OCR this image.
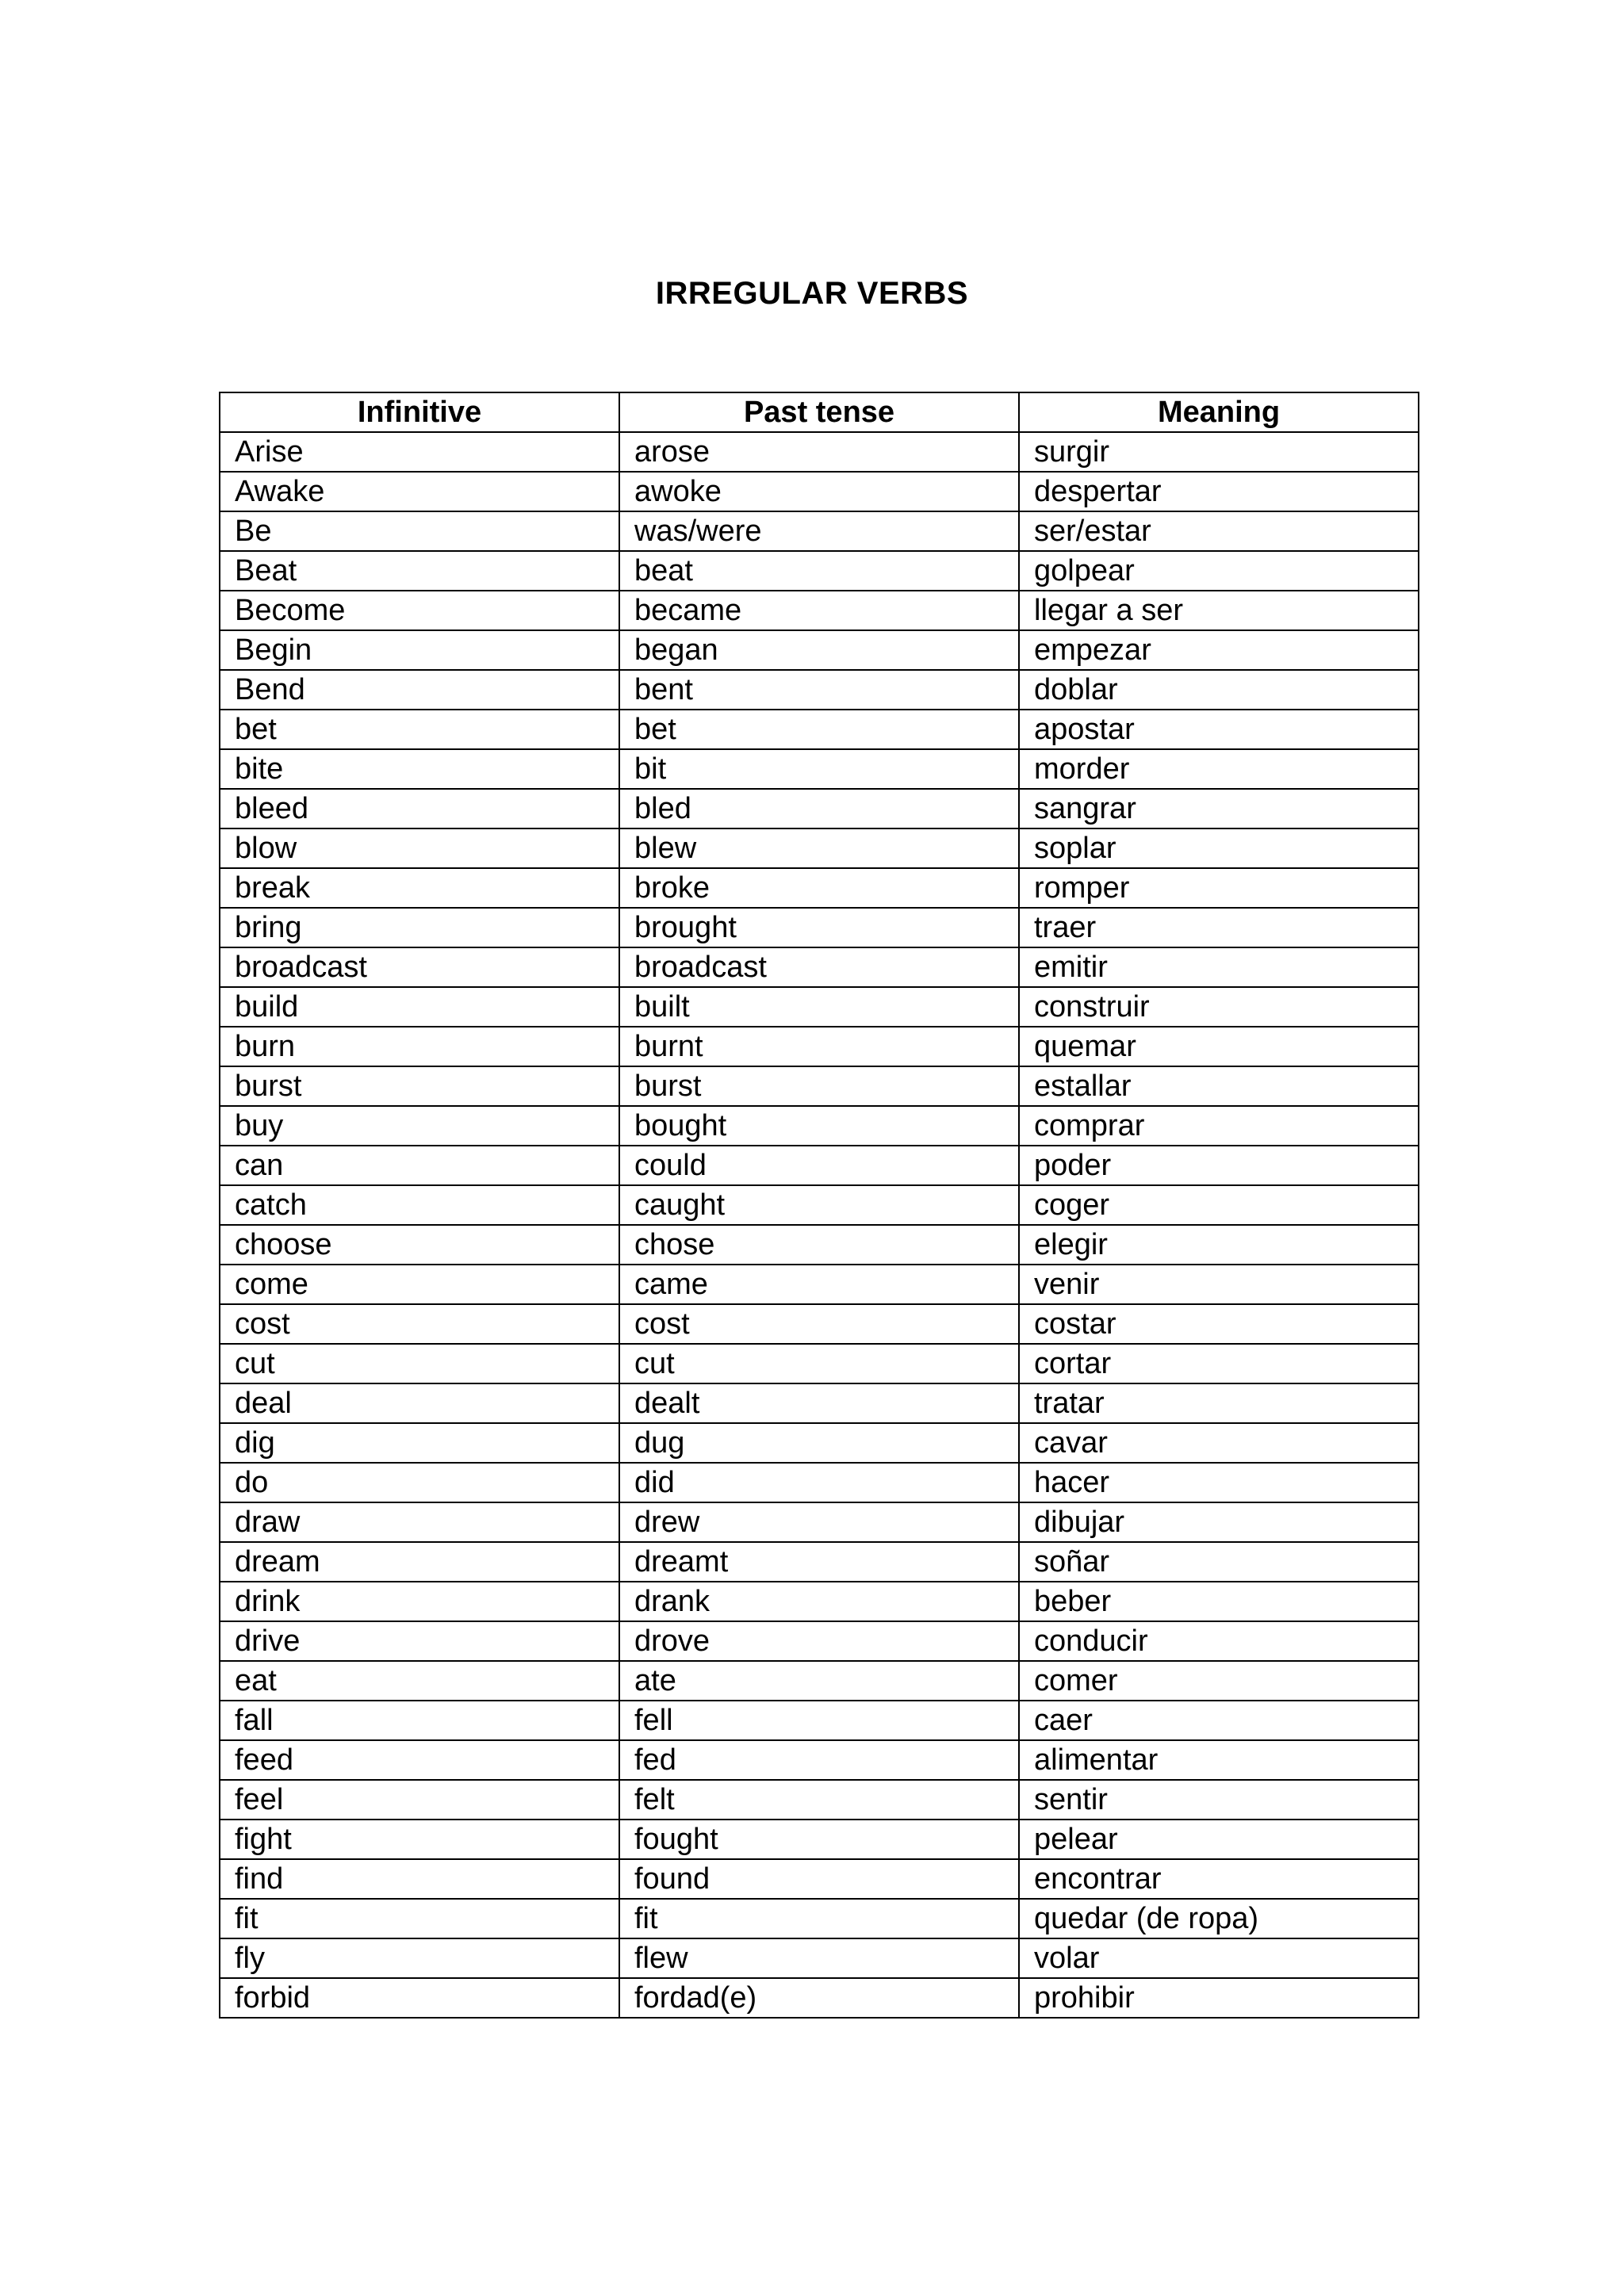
IRREGULAR VERBS
Infinitive	Past tense	Meaning
Arise	arose	surgir
Awake	awoke	despertar
Be	was/were	ser/estar
Beat	beat	golpear
Become	became	llegar a ser
Begin	began	empezar
Bend	bent	doblar
bet	bet	apostar
bite	bit	morder
bleed	bled	sangrar
blow	blew	soplar
break	broke	romper
bring	brought	traer
broadcast	broadcast	emitir
build	built	construir
burn	burnt	quemar
burst	burst	estallar
buy	bought	comprar
can	could	poder
catch	caught	coger
choose	chose	elegir
come	came	venir
cost	cost	costar
cut	cut	cortar
deal	dealt	tratar
dig	dug	cavar
do	did	hacer
draw	drew	dibujar
dream	dreamt	soñar
drink	drank	beber
drive	drove	conducir
eat	ate	comer
fall	fell	caer
feed	fed	alimentar
feel	felt	sentir
fight	fought	pelear
find	found	encontrar
fit	fit	quedar (de ropa)
fly	flew	volar
forbid	fordad(e)	prohibir
